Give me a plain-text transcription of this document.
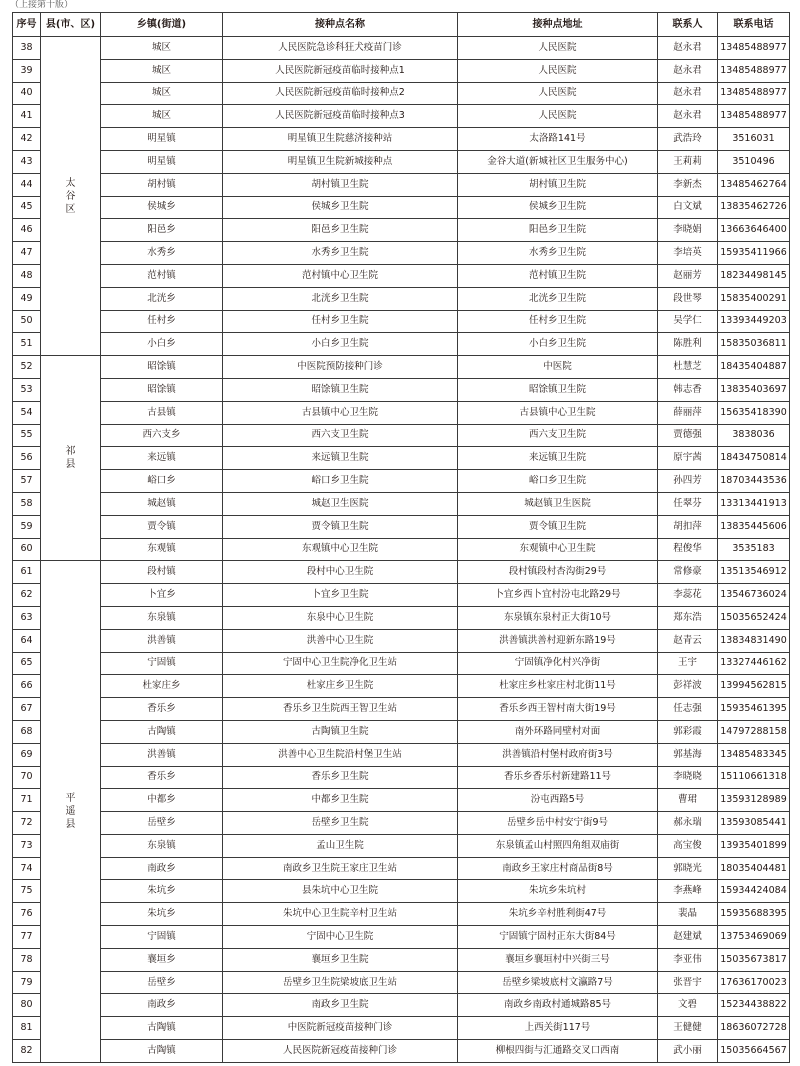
（上接第十版）
序号	县(市、区)	乡镇(街道)	接种点名称	接种点地址	联系人	联系电话
38	太谷区	城区	人民医院急诊科狂犬疫苗门诊	人民医院	赵永君	13485488977
39		城区	人民医院新冠疫苗临时接种点1	人民医院	赵永君	13485488977
40		城区	人民医院新冠疫苗临时接种点2	人民医院	赵永君	13485488977
41		城区	人民医院新冠疫苗临时接种点3	人民医院	赵永君	13485488977
42		明星镇	明星镇卫生院慈济接种站	太洛路141号	武浩玲	3516031
43		明星镇	明星镇卫生院新城接种点	金谷大道(新城社区卫生服务中心)	王莉莉	3510496
44		胡村镇	胡村镇卫生院	胡村镇卫生院	李新杰	13485462764
45		侯城乡	侯城乡卫生院	侯城乡卫生院	白文斌	13835462726
46		阳邑乡	阳邑乡卫生院	阳邑乡卫生院	李晓娟	13663646400
47		水秀乡	水秀乡卫生院	水秀乡卫生院	李培英	15935411966
48		范村镇	范村镇中心卫生院	范村镇卫生院	赵丽芳	18234498145
49		北洸乡	北洸乡卫生院	北洸乡卫生院	段世琴	15835400291
50		任村乡	任村乡卫生院	任村乡卫生院	吴学仁	13393449203
51		小白乡	小白乡卫生院	小白乡卫生院	陈胜利	15835036811
52	祁县	昭馀镇	中医院预防接种门诊	中医院	杜慧芝	18435404887
53		昭馀镇	昭馀镇卫生院	昭馀镇卫生院	韩志香	13835403697
54		古县镇	古县镇中心卫生院	古县镇中心卫生院	薛丽萍	15635418390
55		西六支乡	西六支卫生院	西六支卫生院	贾德强	3838036
56		来远镇	来远镇卫生院	来远镇卫生院	原宇茜	18434750814
57		峪口乡	峪口乡卫生院	峪口乡卫生院	孙四芳	18703443536
58		城赵镇	城赵卫生医院	城赵镇卫生医院	任翠芬	13313441913
59		贾令镇	贾令镇卫生院	贾令镇卫生院	胡扣萍	13835445606
60		东观镇	东观镇中心卫生院	东观镇中心卫生院	程俊华	3535183
61	平遥县	段村镇	段村中心卫生院	段村镇段村杏沟街29号	常修豪	13513546912
62		卜宜乡	卜宜乡卫生院	卜宜乡西卜宜村汾屯北路29号	李蕊花	13546736024
63		东泉镇	东泉中心卫生院	东泉镇东泉村正大街10号	郑东浩	15035652424
64		洪善镇	洪善中心卫生院	洪善镇洪善村迎新东路19号	赵青云	13834831490
65		宁固镇	宁固中心卫生院净化卫生站	宁固镇净化村兴净街	王宇	13327446162
66		杜家庄乡	杜家庄乡卫生院	杜家庄乡杜家庄村北街11号	彭祥波	13994562815
67		香乐乡	香乐乡卫生院西王智卫生站	香乐乡西王智村南大街19号	任志强	15935461395
68		古陶镇	古陶镇卫生院	南外环路同壁村对面	郭彩霞	14797288158
69		洪善镇	洪善中心卫生院沿村堡卫生站	洪善镇沿村堡村政府街3号	郭基海	13485483345
70		香乐乡	香乐乡卫生院	香乐乡香乐村新建路11号	李晓晓	15110661318
71		中都乡	中都乡卫生院	汾屯西路5号	曹珺	13593128989
72		岳壁乡	岳壁乡卫生院	岳壁乡岳中村安宁街9号	郝永瑞	13593085441
73		东泉镇	孟山卫生院	东泉镇孟山村照四角组双庙街	高宝俊	13935401899
74		南政乡	南政乡卫生院王家庄卫生站	南政乡王家庄村商品街8号	郭晓光	18035404481
75		朱坑乡	县朱坑中心卫生院	朱坑乡朱坑村	李燕峰	15934424084
76		朱坑乡	朱坑中心卫生院辛村卫生站	朱坑乡辛村胜利街47号	裴晶	15935688395
77		宁固镇	宁固中心卫生院	宁固镇宁固村正东大街84号	赵建斌	13753469069
78		襄垣乡	襄垣乡卫生院	襄垣乡襄垣村中兴街三号	李亚伟	15035673817
79		岳壁乡	岳壁乡卫生院梁坡底卫生站	岳壁乡梁坡底村文瀛路7号	张晋宇	17636170023
80		南政乡	南政乡卫生院	南政乡南政村通城路85号	文碧	15234438822
81		古陶镇	中医院新冠疫苗接种门诊	上西关街117号	王健健	18636072728
82		古陶镇	人民医院新冠疫苗接种门诊	柳根四街与汇通路交叉口西南	武小丽	15035664567
